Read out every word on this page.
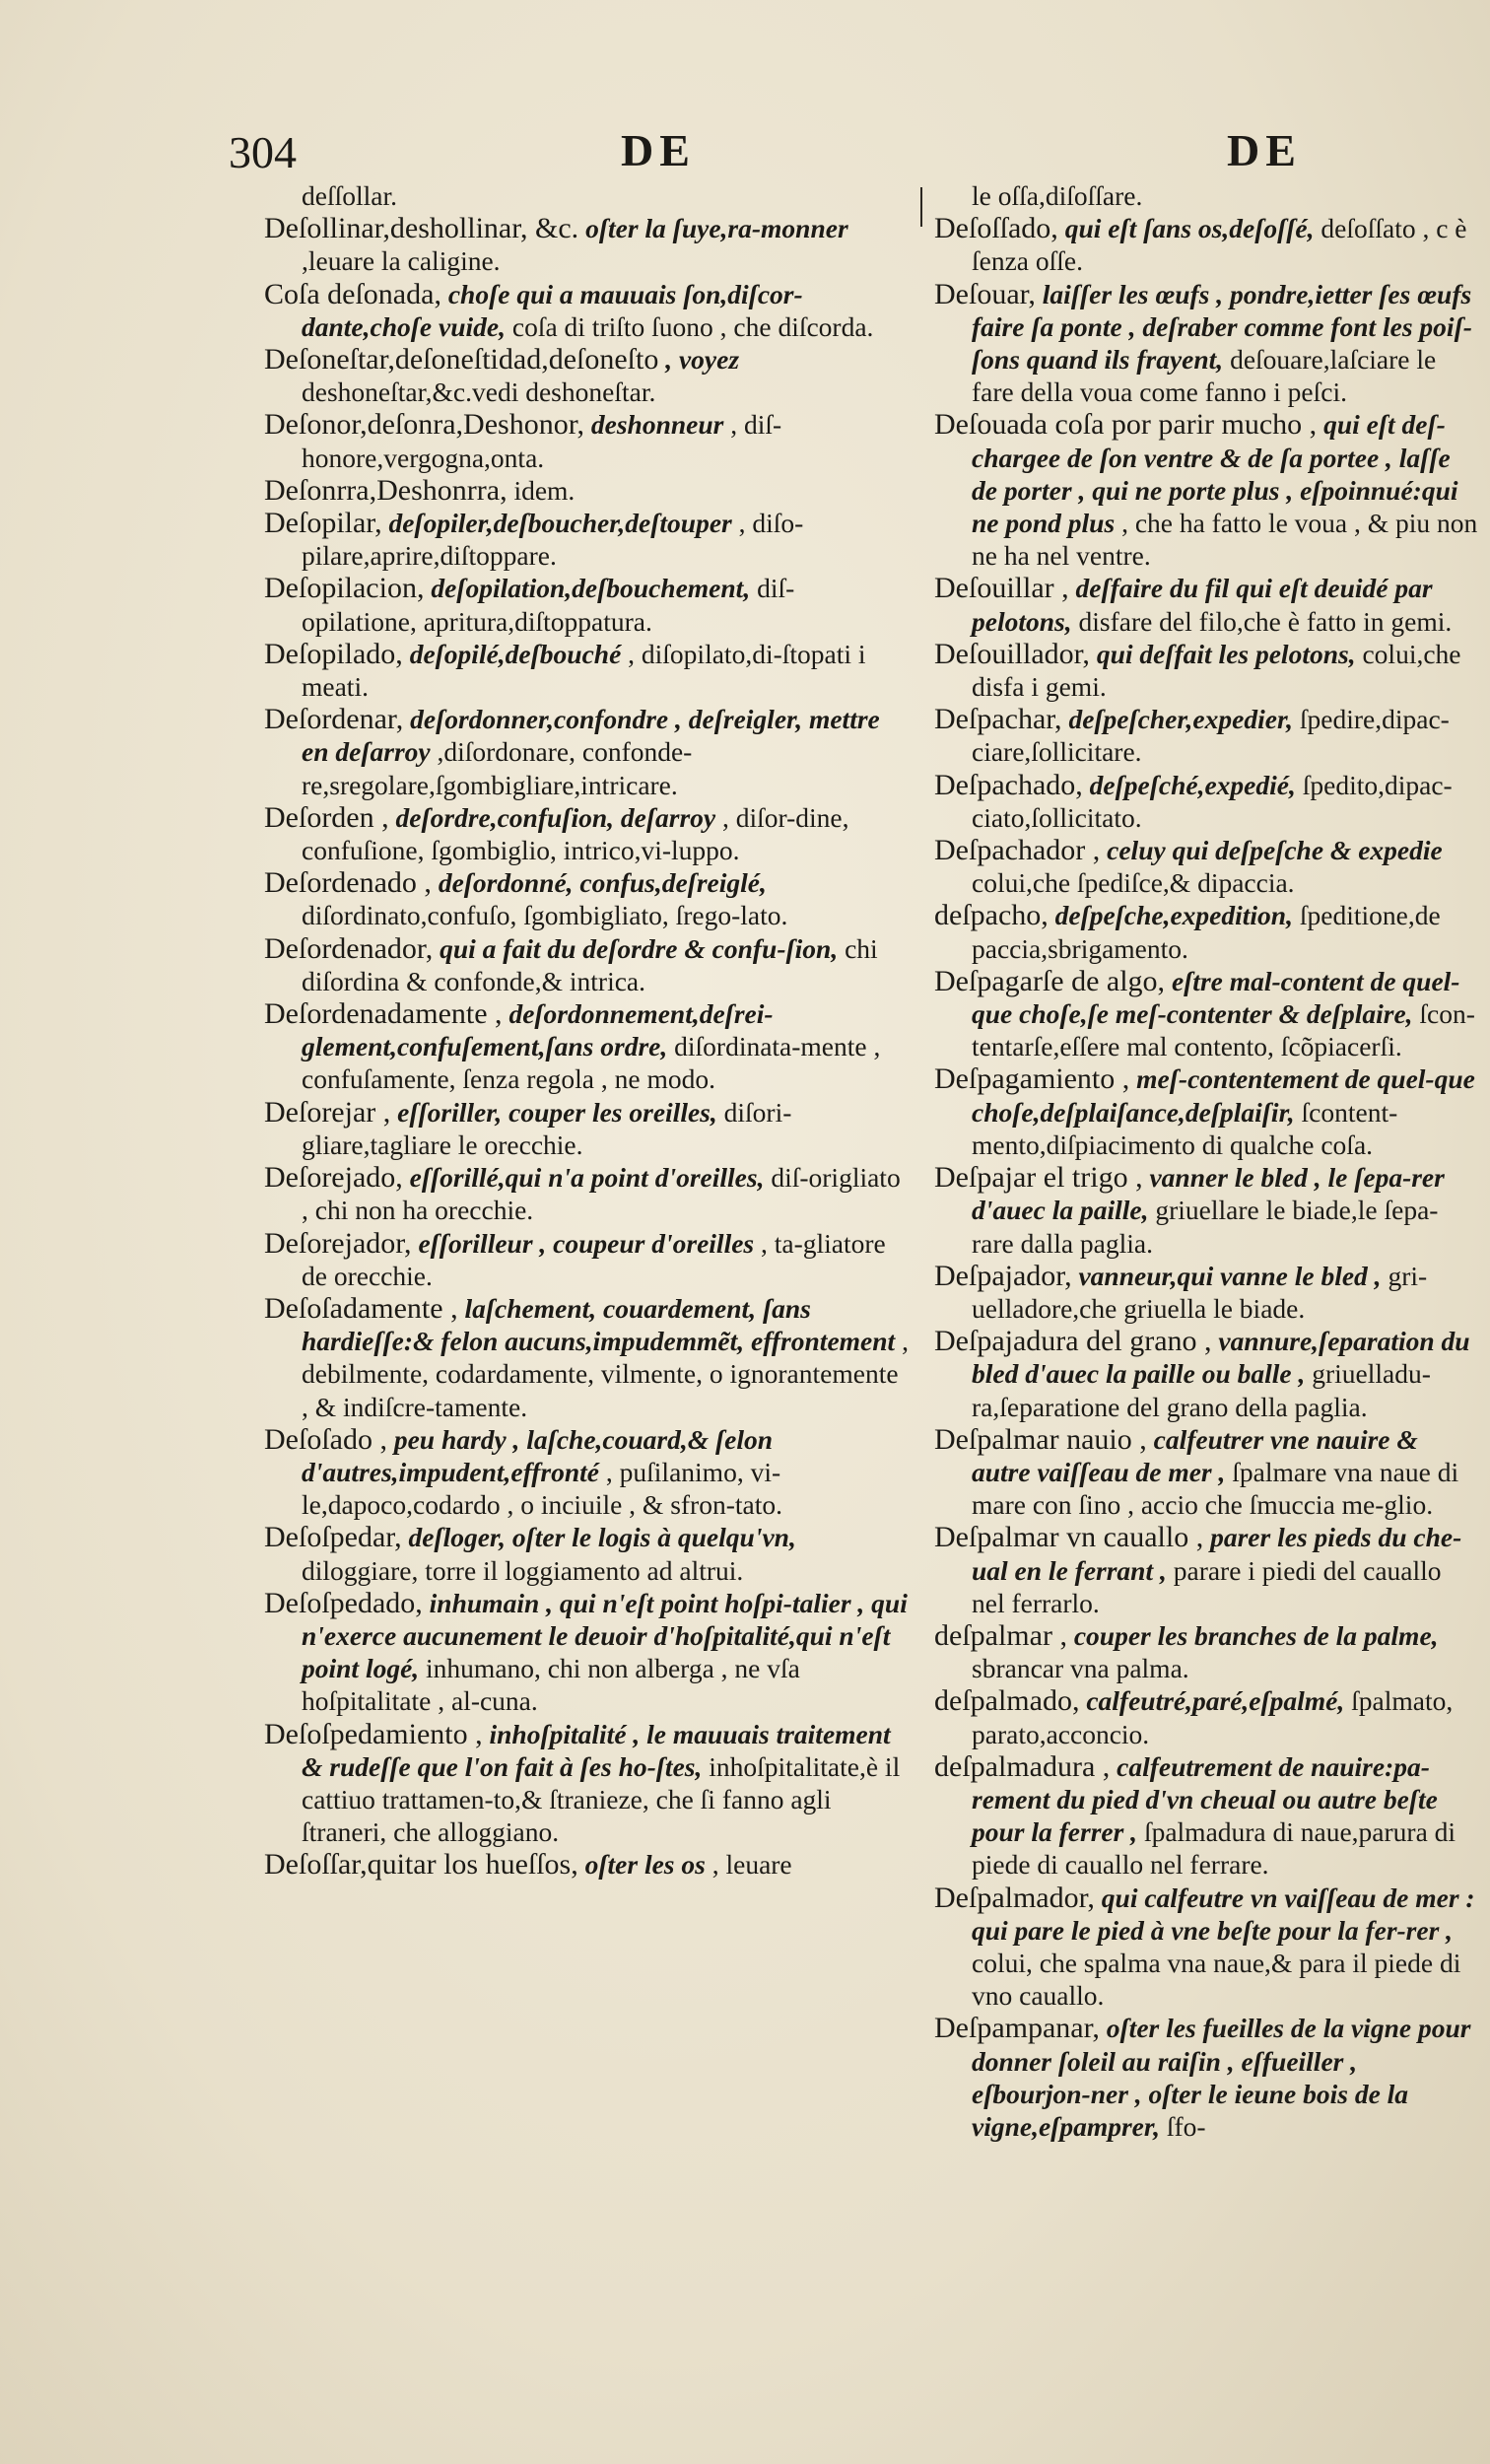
304	DE	DE

deſſollar.

Deſollinar,deshollinar, &c. oſter la ſuye,ra-monner ,leuare la caligine.

Coſa deſonada, choſe qui a mauuais ſon,diſcor-dante,choſe vuide, coſa di triſto ſuono , che diſcorda.

Deſoneſtar,deſoneſtidad,deſoneſto , voyez deshoneſtar,&c.vedi deshoneſtar.

Deſonor,deſonra,Deshonor, deshonneur , diſ-honore,vergogna,onta.

Deſonrra,Deshonrra, idem.

Deſopilar, deſopiler,deſboucher,deſtouper , diſo-pilare,aprire,diſtoppare.

Deſopilacion, deſopilation,deſbouchement, diſ-opilatione, apritura,diſtoppatura.

Deſopilado, deſopilé,deſbouché , diſopilato,di-ſtopati i meati.

Deſordenar, deſordonner,confondre , deſreigler, mettre en deſarroy ,diſordonare, confonde-re,sregolare,ſgombigliare,intricare.

Deſorden , deſordre,confuſion, deſarroy , diſor-dine, confuſione, ſgombiglio, intrico,vi-luppo.

Deſordenado , deſordonné, confus,deſreiglé, diſordinato,confuſo, ſgombigliato, ſrego-lato.

Deſordenador, qui a fait du deſordre & confu-ſion, chi diſordina & confonde,& intrica.

Deſordenadamente , deſordonnement,deſrei-glement,confuſement,ſans ordre, diſordinata-mente , confuſamente, ſenza regola , ne modo.

Deſorejar , eſſoriller, couper les oreilles, diſori-gliare,tagliare le orecchie.

Deſorejado, eſſorillé,qui n'a point d'oreilles, diſ-origliato , chi non ha orecchie.

Deſorejador, eſſorilleur , coupeur d'oreilles , ta-gliatore de orecchie.

Deſoſadamente , laſchement, couardement, ſans hardieſſe:& felon aucuns,impudemmẽt, effrontement , debilmente, codardamente, vilmente, o ignorantemente , & indiſcre-tamente.

Deſoſado , peu hardy , laſche,couard,& ſelon d'autres,impudent,effronté , puſilanimo, vi-le,dapoco,codardo , o inciuile , & sfron-tato.

Deſoſpedar, deſloger, oſter le logis à quelqu'vn, diloggiare, torre il loggiamento ad altrui.

Deſoſpedado, inhumain , qui n'eſt point hoſpi-talier , qui n'exerce aucunement le deuoir d'hoſpitalité,qui n'eſt point logé, inhumano, chi non alberga , ne vſa hoſpitalitate , al-cuna.

Deſoſpedamiento , inhoſpitalité , le mauuais traitement & rudeſſe que l'on fait à ſes ho-ſtes, inhoſpitalitate,è il cattiuo trattamen-to,& ſtranieze, che ſi fanno agli ſtraneri, che alloggiano.

Deſoſſar,quitar los hueſſos, oſter les os , leuare

le oſſa,diſoſſare.

Deſoſſado, qui eſt ſans os,deſoſſé, deſoſſato , c è ſenza oſſe.

Deſouar, laiſſer les œufs , pondre,ietter ſes œufs faire ſa ponte , deſraber comme font les poiſ-ſons quand ils frayent, deſouare,laſciare le fare della voua come fanno i peſci.

Deſouada coſa por parir mucho , qui eſt deſ-chargee de ſon ventre & de ſa portee , laſſe de porter , qui ne porte plus , eſpoinnué:qui ne pond plus , che ha fatto le voua , & piu non ne ha nel ventre.

Deſouillar , deſfaire du fil qui eſt deuidé par pelotons, disfare del filo,che è fatto in gemi.

Deſouillador, qui deſfait les pelotons, colui,che disfa i gemi.

Deſpachar, deſpeſcher,expedier, ſpedire,dipac-ciare,ſollicitare.

Deſpachado, deſpeſché,expedié, ſpedito,dipac-ciato,ſollicitato.

Deſpachador , celuy qui deſpeſche & expedie colui,che ſpediſce,& dipaccia.

deſpacho, deſpeſche,expedition, ſpeditione,de paccia,sbrigamento.

Deſpagarſe de algo, eſtre mal-content de quel-que choſe,ſe meſ-contenter & deſplaire, ſcon-tentarſe,eſſere mal contento, ſcõpiacerſi.

Deſpagamiento , meſ-contentement de quel-que choſe,deſplaiſance,deſplaiſir, ſcontent-mento,diſpiacimento di qualche coſa.

Deſpajar el trigo , vanner le bled , le ſepa-rer d'auec la paille, griuellare le biade,le ſepa-rare dalla paglia.

Deſpajador, vanneur,qui vanne le bled , gri-uelladore,che griuella le biade.

Deſpajadura del grano , vannure,ſeparation du bled d'auec la paille ou balle , griuelladu-ra,ſeparatione del grano della paglia.

Deſpalmar nauio , calfeutrer vne nauire & autre vaiſſeau de mer , ſpalmare vna naue di mare con ſino , accio che ſmuccia me-glio.

Deſpalmar vn cauallo , parer les pieds du che-ual en le ferrant , parare i piedi del cauallo nel ferrarlo.

deſpalmar , couper les branches de la palme, sbrancar vna palma.

deſpalmado, calfeutré,paré,eſpalmé, ſpalmato, parato,acconcio.

deſpalmadura , calfeutrement de nauire:pa-rement du pied d'vn cheual ou autre beſte pour la ferrer , ſpalmadura di naue,parura di piede di cauallo nel ferrare.

Deſpalmador, qui calfeutre vn vaiſſeau de mer : qui pare le pied à vne beſte pour la fer-rer , colui, che spalma vna naue,& para il piede di vno cauallo.

Deſpampanar, oſter les fueilles de la vigne pour donner ſoleil au raiſin , eſfueiller , eſbourjon-ner , oſter le ieune bois de la vigne,eſpamprer, ſfo-
